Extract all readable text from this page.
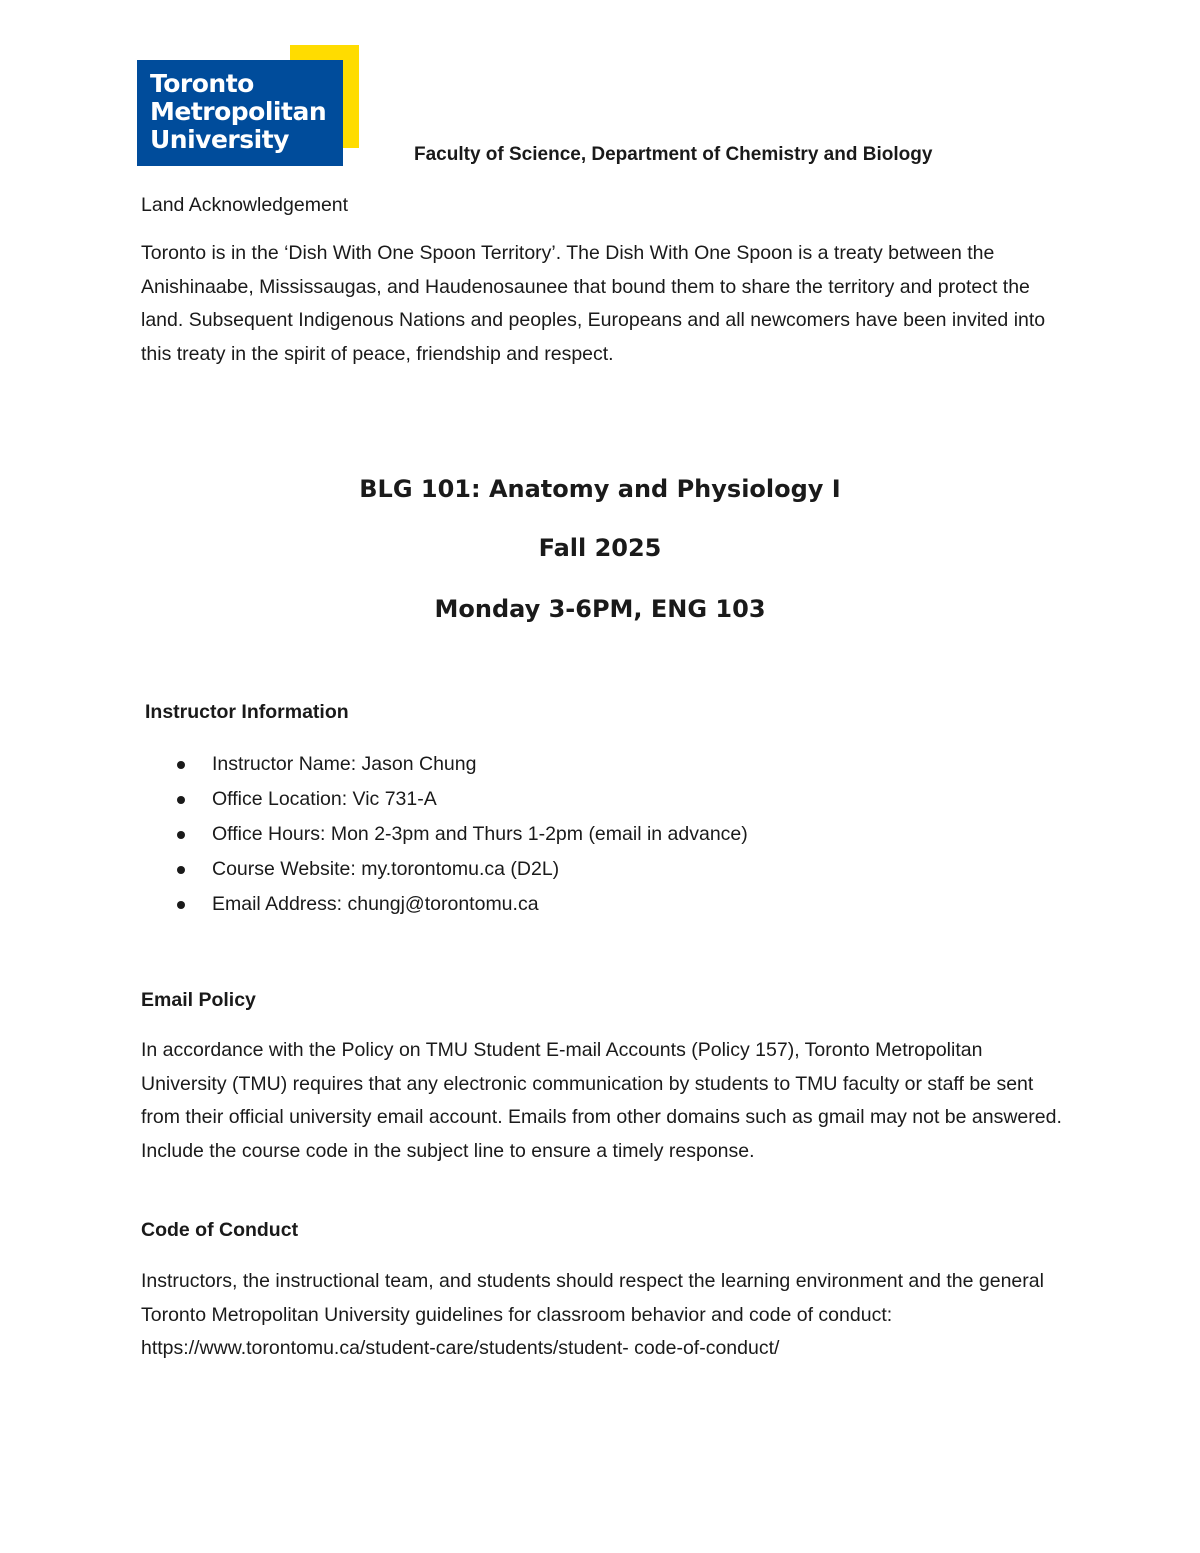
Toronto
Metropolitan
University
Faculty of Science, Department of Chemistry and Biology

Land Acknowledgement

Toronto is in the ‘Dish With One Spoon Territory’. The Dish With One Spoon is a treaty between the Anishinaabe, Mississaugas, and Haudenosaunee that bound them to share the territory and protect the land. Subsequent Indigenous Nations and peoples, Europeans and all newcomers have been invited into this treaty in the spirit of peace, friendship and respect.

BLG 101: Anatomy and Physiology I
Fall 2025
Monday 3-6PM, ENG 103
Instructor Information
Instructor Name: Jason Chung
Office Location: Vic 731-A
Office Hours: Mon 2-3pm and Thurs 1-2pm (email in advance)
Course Website: my.torontomu.ca (D2L)
Email Address: chungj@torontomu.ca
Email Policy

In accordance with the Policy on TMU Student E-mail Accounts (Policy 157), Toronto Metropolitan University (TMU) requires that any electronic communication by students to TMU faculty or staff be sent from their official university email account. Emails from other domains such as gmail may not be answered. Include the course code in the subject line to ensure a timely response.

Code of Conduct

Instructors, the instructional team, and students should respect the learning environment and the general Toronto Metropolitan University guidelines for classroom behavior and code of conduct: https://www.torontomu.ca/student-care/students/student- code-of-conduct/
